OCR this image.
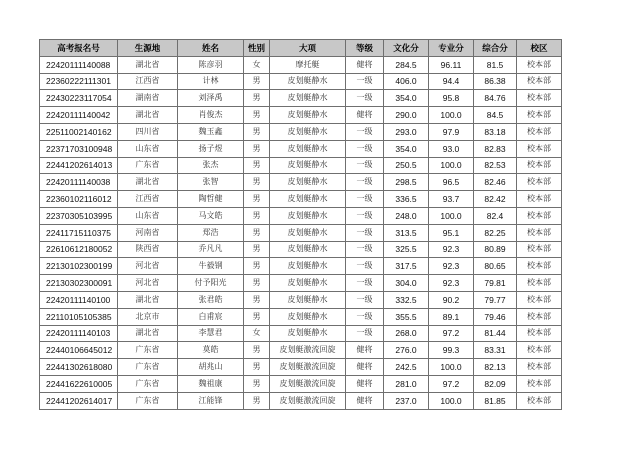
高考报名号	生源地	姓名	性别	大项	等级	文化分	专业分	综合分	校区
22420111140088	湖北省	陈彦羽	女	摩托艇	健将	284.5	96.11	81.5	校本部
22360222111301	江西省	计林	男	皮划艇静水	一级	406.0	94.4	86.38	校本部
22430223117054	湖南省	刘泽禹	男	皮划艇静水	一级	354.0	95.8	84.76	校本部
22420111140042	湖北省	肖俊杰	男	皮划艇静水	健将	290.0	100.0	84.5	校本部
22511002140162	四川省	魏玉鑫	男	皮划艇静水	一级	293.0	97.9	83.18	校本部
22371703100948	山东省	扬子煜	男	皮划艇静水	一级	354.0	93.0	82.83	校本部
22441202614013	广东省	张杰	男	皮划艇静水	一级	250.5	100.0	82.53	校本部
22420111140038	湖北省	张智	男	皮划艇静水	一级	298.5	96.5	82.46	校本部
22360102116012	江西省	陶哲健	男	皮划艇静水	一级	336.5	93.7	82.42	校本部
22370305103995	山东省	马文皓	男	皮划艇静水	一级	248.0	100.0	82.4	校本部
22411715110375	河南省	郑浩	男	皮划艇静水	一级	313.5	95.1	82.25	校本部
22610612180052	陕西省	乔凡凡	男	皮划艇静水	一级	325.5	92.3	80.89	校本部
22130102300199	河北省	牛毅钢	男	皮划艇静水	一级	317.5	92.3	80.65	校本部
22130302300091	河北省	付予阳光	男	皮划艇静水	一级	304.0	92.3	79.81	校本部
22420111140100	湖北省	张君皓	男	皮划艇静水	一级	332.5	90.2	79.77	校本部
22110105105385	北京市	白甫宸	男	皮划艇静水	一级	355.5	89.1	79.46	校本部
22420111140103	湖北省	李慧君	女	皮划艇静水	一级	268.0	97.2	81.44	校本部
22440106645012	广东省	莫皓	男	皮划艇激流回旋	健将	276.0	99.3	83.31	校本部
22441302618080	广东省	胡兆山	男	皮划艇激流回旋	健将	242.5	100.0	82.13	校本部
22441622610005	广东省	魏祖康	男	皮划艇激流回旋	健将	281.0	97.2	82.09	校本部
22441202614017	广东省	江能锋	男	皮划艇激流回旋	健将	237.0	100.0	81.85	校本部
